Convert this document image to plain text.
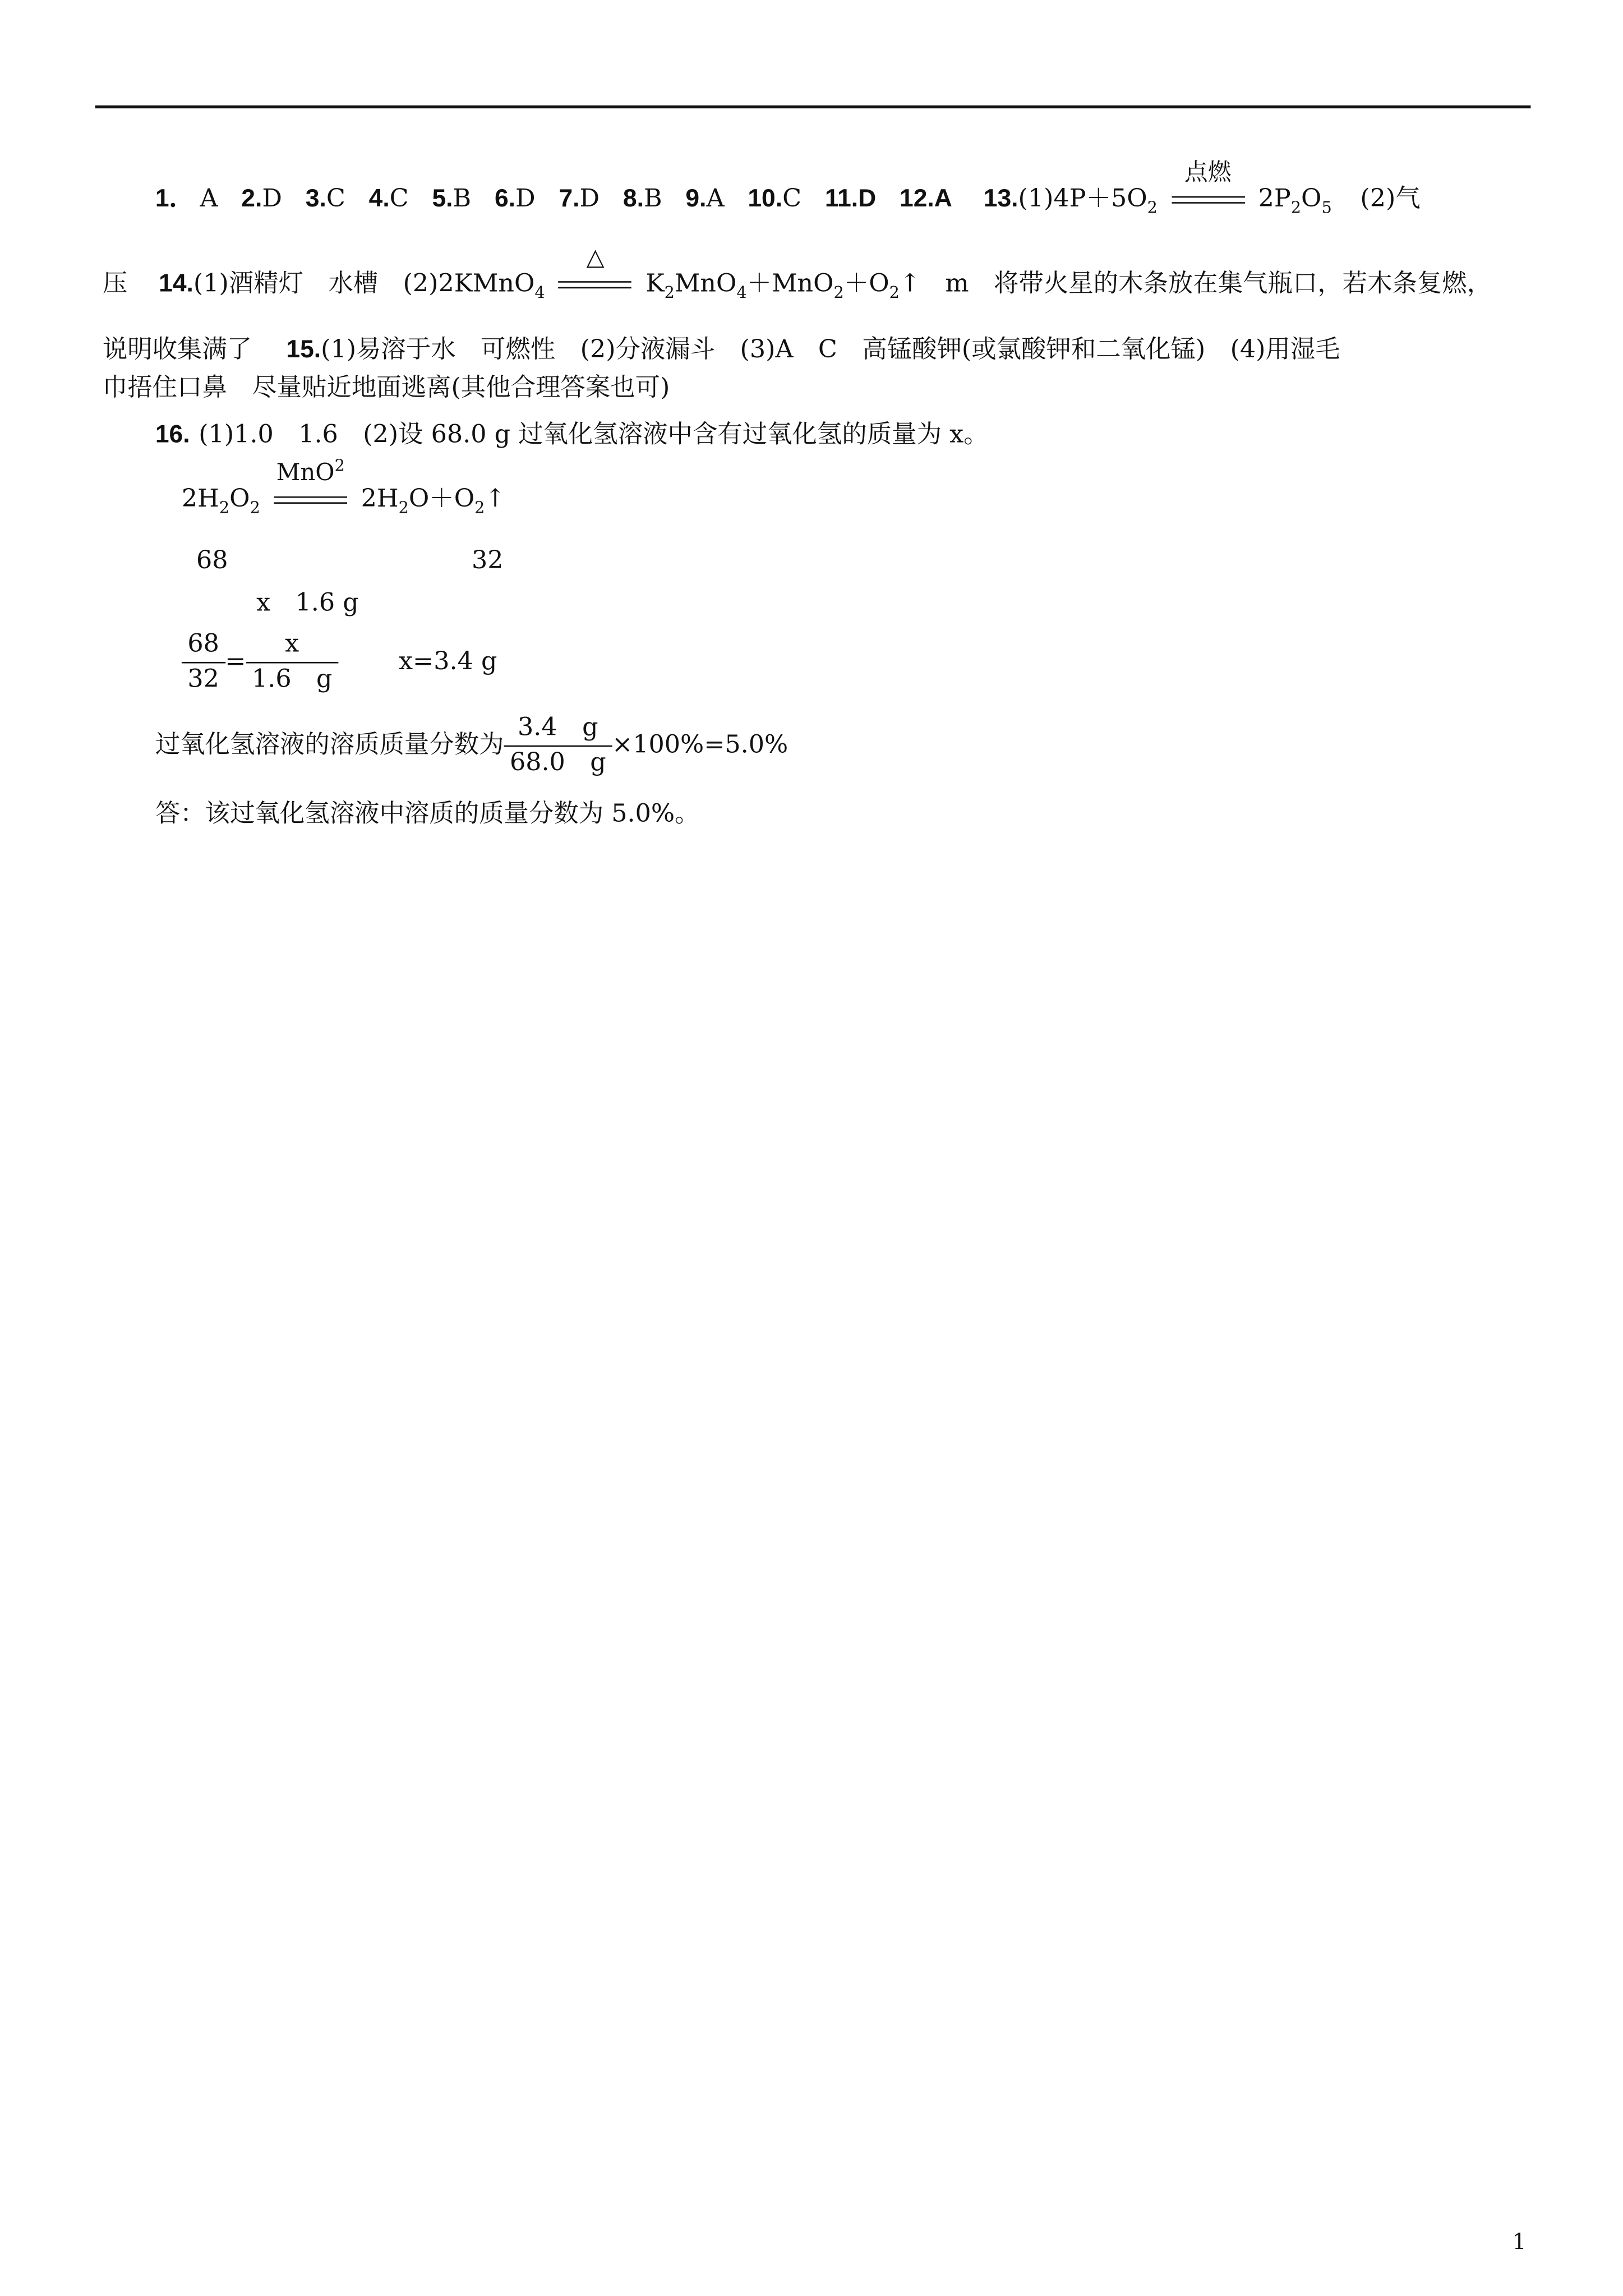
1． A 2.D 3.C 4.C 5.B 6.D 7.D 8.B 9.A 10.C 11.D 12.A	$13.(1)4P+5O_2$
点燃
$2P_2O_5$	(2)气
压	14.(1)酒精灯　水槽　(2)2KMnO$_4$
△
$K_2MnO_4+MnO_2+O_2↑$　m　将带火星的木条放在集气瓶口，若木条复燃，
说明收集满了	15.(1)易溶于水　可燃性　(2)分液漏斗　(3)A　C　高锰酸钾(或氯酸钾和二氧化锰)　(4)用湿毛
巾捂住口鼻　尽量贴近地面逃离(其他合理答案也可)
16. (1)1.0　1.6　(2)设 68.0 g 过氧化氢溶液中含有过氧化氢的质量为 x。
$2H_2O_2$
MnO$^2$
$2H_2O+O_2↑$
68	32
x　1.6 g
$\frac{68}{32} = \frac{x}{1.6 g}$	x=3.4 g
过氧化氢溶液的溶质质量分数为 $\frac{3.4 g}{68.0 g} \times 100\%=5.0\%$
答：该过氧化氢溶液中溶质的质量分数为 5.0%。
1
